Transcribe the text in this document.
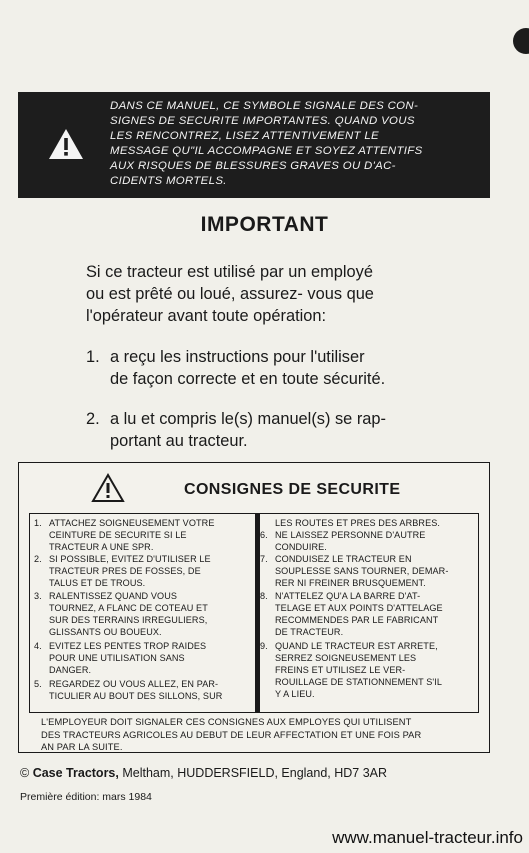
DANS CE MANUEL, CE SYMBOLE SIGNALE DES CON-
SIGNES DE SECURITE IMPORTANTES. QUAND VOUS
LES RENCONTREZ, LISEZ ATTENTIVEMENT LE
MESSAGE QU"IL ACCOMPAGNE ET SOYEZ ATTENTIFS
AUX RISQUES DE BLESSURES GRAVES OU D'AC-
CIDENTS MORTELS.
IMPORTANT
Si ce tracteur est utilisé par un employé
ou est prêté ou loué, assurez- vous que
l'opérateur avant toute opération:
1. a reçu les instructions pour l'utiliser
de façon correcte et en toute sécurité.
2. a lu et compris le(s) manuel(s) se rap-
portant au tracteur.
CONSIGNES DE SECURITE
1. ATTACHEZ SOIGNEUSEMENT VOTRE
CEINTURE DE SECURITE SI LE
TRACTEUR A UNE SPR.
2. SI POSSIBLE, EVITEZ D'UTILISER LE
TRACTEUR PRES DE FOSSES, DE
TALUS ET DE TROUS.
3. RALENTISSEZ QUAND VOUS
TOURNEZ, A FLANC DE COTEAU ET
SUR DES TERRAINS IRREGULIERS,
GLISSANTS OU BOUEUX.
4. EVITEZ LES PENTES TROP RAIDES
POUR UNE UTILISATION SANS
DANGER.
5. REGARDEZ OU VOUS ALLEZ, EN PAR-
TICULIER AU BOUT DES SILLONS, SUR
LES ROUTES ET PRES DES ARBRES.
6. NE LAISSEZ PERSONNE D'AUTRE
CONDUIRE.
7. CONDUISEZ LE TRACTEUR EN
SOUPLESSE SANS TOURNER, DEMAR-
RER NI FREINER BRUSQUEMENT.
8. N'ATTELEZ QU'A LA BARRE D'AT-
TELAGE ET AUX POINTS D'ATTELAGE
RECOMMENDES PAR LE FABRICANT
DE TRACTEUR.
9. QUAND LE TRACTEUR EST ARRETE,
SERREZ SOIGNEUSEMENT LES
FREINS ET UTILISEZ LE VER-
ROUILLAGE DE STATIONNEMENT S'IL
Y A LIEU.
L'EMPLOYEUR DOIT SIGNALER CES CONSIGNES AUX EMPLOYES QUI UTILISENT
DES TRACTEURS AGRICOLES AU DEBUT DE LEUR AFFECTATION ET UNE FOIS PAR
AN PAR LA SUITE.
© Case Tractors, Meltham, HUDDERSFIELD, England, HD7 3AR
Première édition: mars 1984
www.manuel-tracteur.info
